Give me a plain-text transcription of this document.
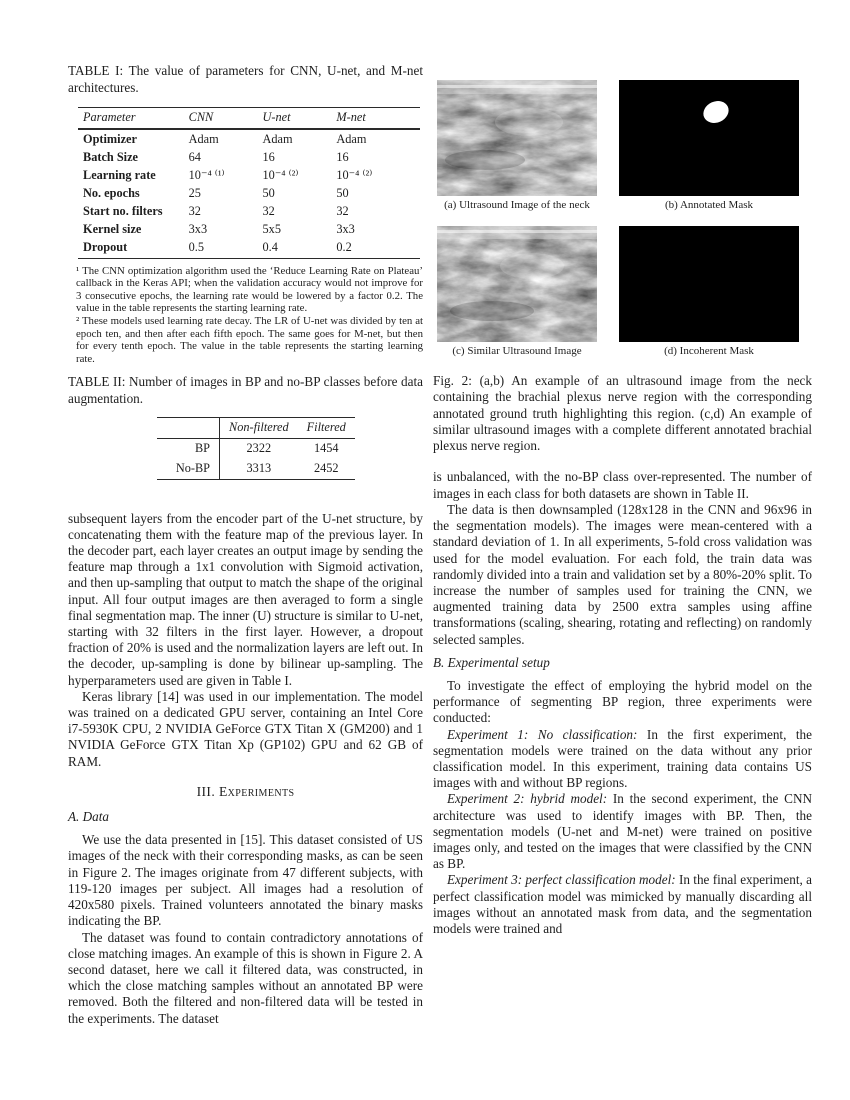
TABLE I: The value of parameters for CNN, U-net, and M-net architectures.

Parameter	CNN	U-net	M-net
Optimizer	Adam	Adam	Adam
Batch Size	64	16	16
Learning rate	10⁻⁴ ⁽¹⁾	10⁻⁴ ⁽²⁾	10⁻⁴ ⁽²⁾
No. epochs	25	50	50
Start no. filters	32	32	32
Kernel size	3x3	5x5	3x3
Dropout	0.5	0.4	0.2

¹ The CNN optimization algorithm used the ‘Reduce Learning Rate on Plateau’ callback in the Keras API; when the validation accuracy would not improve for 3 consecutive epochs, the learning rate would be lowered by a factor 0.2. The value in the table represents the starting learning rate.

² These models used learning rate decay. The LR of U-net was divided by ten at epoch ten, and then after each fifth epoch. The same goes for M-net, but then for every tenth epoch. The value in the table represents the starting learning rate.

TABLE II: Number of images in BP and no-BP classes before data augmentation.

	Non-filtered	Filtered
BP	2322	1454
No-BP	3313	2452

subsequent layers from the encoder part of the U-net structure, by concatenating them with the feature map of the previous layer. In the decoder part, each layer creates an output image by sending the feature map through a 1x1 convolution with Sigmoid activation, and then up-sampling that output to match the shape of the original input. All four output images are then averaged to form a single final segmentation map. The inner (U) structure is similar to U-net, starting with 32 filters in the first layer. However, a dropout fraction of 20% is used and the normalization layers are left out. In the decoder, up-sampling is done by bilinear up-sampling. The hyperparameters used are given in Table I.

Keras library [14] was used in our implementation. The model was trained on a dedicated GPU server, containing an Intel Core i7-5930K CPU, 2 NVIDIA GeForce GTX Titan X (GM200) and 1 NVIDIA GeForce GTX Titan Xp (GP102) GPU and 62 GB of RAM.

III. Experiments
A. Data

We use the data presented in [15]. This dataset consisted of US images of the neck with their corresponding masks, as can be seen in Figure 2. The images originate from 47 different subjects, with 119-120 images per subject. All images had a resolution of 420x580 pixels. Trained volunteers annotated the binary masks indicating the BP.

The dataset was found to contain contradictory annotations of close matching images. An example of this is shown in Figure 2. A second dataset, here we call it filtered data, was constructed, in which the close matching samples without an annotated BP were removed. Both the filtered and non-filtered data will be tested in the experiments. The dataset

(a) Ultrasound Image of the neck	(b) Annotated Mask
(c) Similar Ultrasound Image	(d) Incoherent Mask

Fig. 2: (a,b) An example of an ultrasound image from the neck containing the brachial plexus nerve region with the corresponding annotated ground truth highlighting this region. (c,d) An example of similar ultrasound images with a complete different annotated brachial plexus nerve region.

is unbalanced, with the no-BP class over-represented. The number of images in each class for both datasets are shown in Table II.

The data is then downsampled (128x128 in the CNN and 96x96 in the segmentation models). The images were mean-centered with a standard deviation of 1. In all experiments, 5-fold cross validation was used for the model evaluation. For each fold, the train data was randomly divided into a train and validation set by a 80%-20% split. To increase the number of samples used for training the CNN, we augmented training data by 2500 extra samples using affine transformations (scaling, shearing, rotating and reflecting) on randomly selected samples.

B. Experimental setup

To investigate the effect of employing the hybrid model on the performance of segmenting BP region, three experiments were conducted:

Experiment 1: No classification: In the first experiment, the segmentation models were trained on the data without any prior classification model. In this experiment, training data contains US images with and without BP regions.

Experiment 2: hybrid model: In the second experiment, the CNN architecture was used to identify images with BP. Then, the segmentation models (U-net and M-net) were trained on positive images only, and tested on the images that were classified by the CNN as BP.

Experiment 3: perfect classification model: In the final experiment, a perfect classification model was mimicked by manually discarding all images without an annotated mask from data, and the segmentation models were trained and
